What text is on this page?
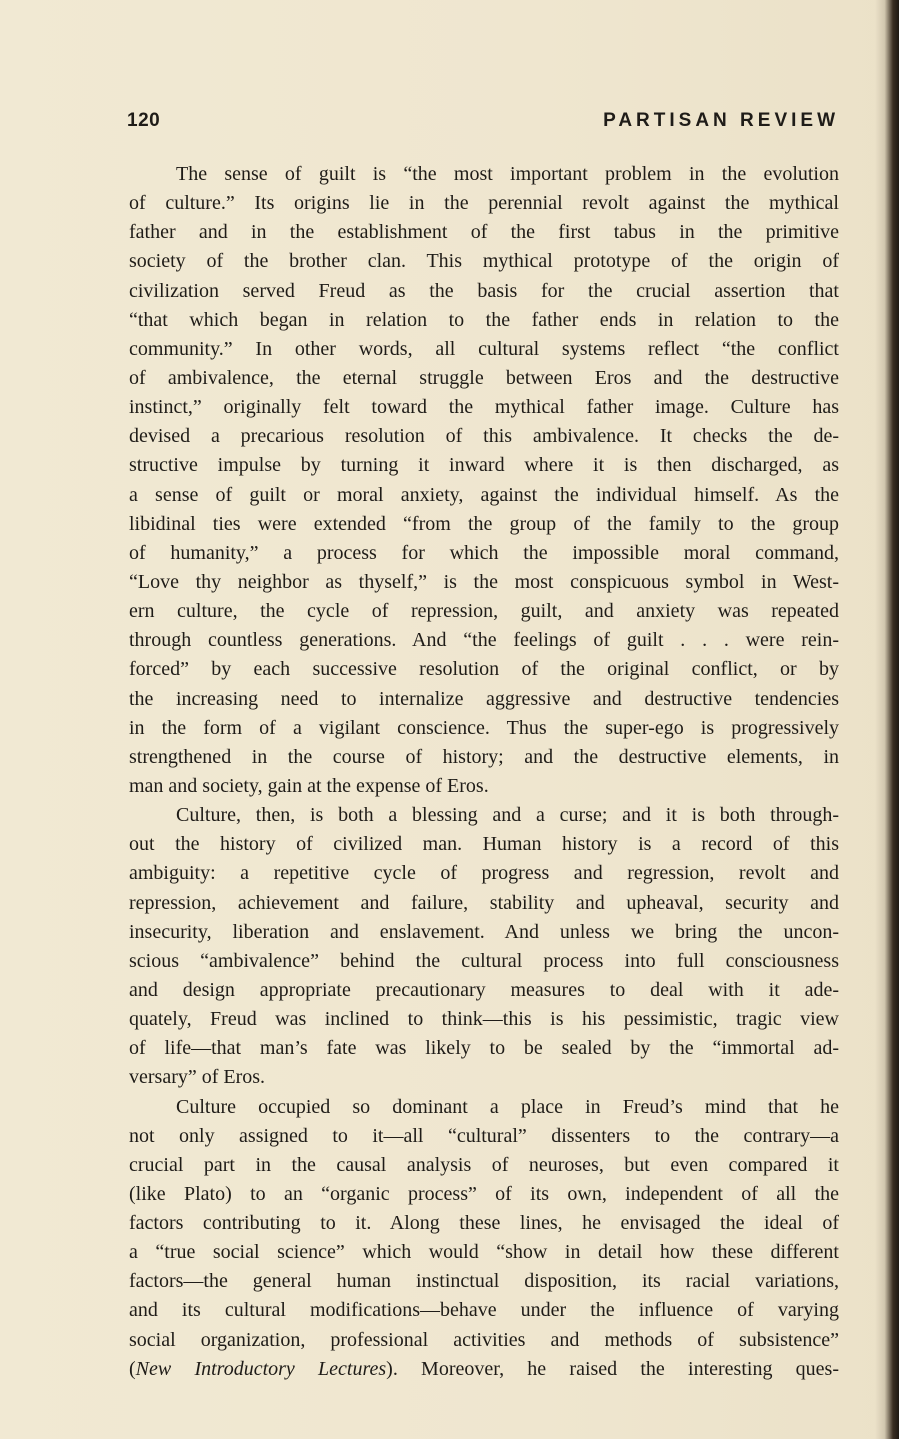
120	PARTISAN REVIEW
The sense of guilt is “the most important problem in the evolution
of culture.” Its origins lie in the perennial revolt against the mythical
father and in the establishment of the first tabus in the primitive
society of the brother clan. This mythical prototype of the origin of
civilization served Freud as the basis for the crucial assertion that
“that which began in relation to the father ends in relation to the
community.” In other words, all cultural systems reflect “the conflict
of ambivalence, the eternal struggle between Eros and the destructive
instinct,” originally felt toward the mythical father image. Culture has
devised a precarious resolution of this ambivalence. It checks the de-
structive impulse by turning it inward where it is then discharged, as
a sense of guilt or moral anxiety, against the individual himself. As the
libidinal ties were extended “from the group of the family to the group
of humanity,” a process for which the impossible moral command,
“Love thy neighbor as thyself,” is the most conspicuous symbol in West-
ern culture, the cycle of repression, guilt, and anxiety was repeated
through countless generations. And “the feelings of guilt . . . were rein-
forced” by each successive resolution of the original conflict, or by
the increasing need to internalize aggressive and destructive tendencies
in the form of a vigilant conscience. Thus the super-ego is progressively
strengthened in the course of history; and the destructive elements, in
man and society, gain at the expense of Eros.
Culture, then, is both a blessing and a curse; and it is both through-
out the history of civilized man. Human history is a record of this
ambiguity: a repetitive cycle of progress and regression, revolt and
repression, achievement and failure, stability and upheaval, security and
insecurity, liberation and enslavement. And unless we bring the uncon-
scious “ambivalence” behind the cultural process into full consciousness
and design appropriate precautionary measures to deal with it ade-
quately, Freud was inclined to think—this is his pessimistic, tragic view
of life—that man’s fate was likely to be sealed by the “immortal ad-
versary” of Eros.
Culture occupied so dominant a place in Freud’s mind that he
not only assigned to it—all “cultural” dissenters to the contrary—a
crucial part in the causal analysis of neuroses, but even compared it
(like Plato) to an “organic process” of its own, independent of all the
factors contributing to it. Along these lines, he envisaged the ideal of
a “true social science” which would “show in detail how these different
factors—the general human instinctual disposition, its racial variations,
and its cultural modifications—behave under the influence of varying
social organization, professional activities and methods of subsistence”
(New Introductory Lectures). Moreover, he raised the interesting ques-
